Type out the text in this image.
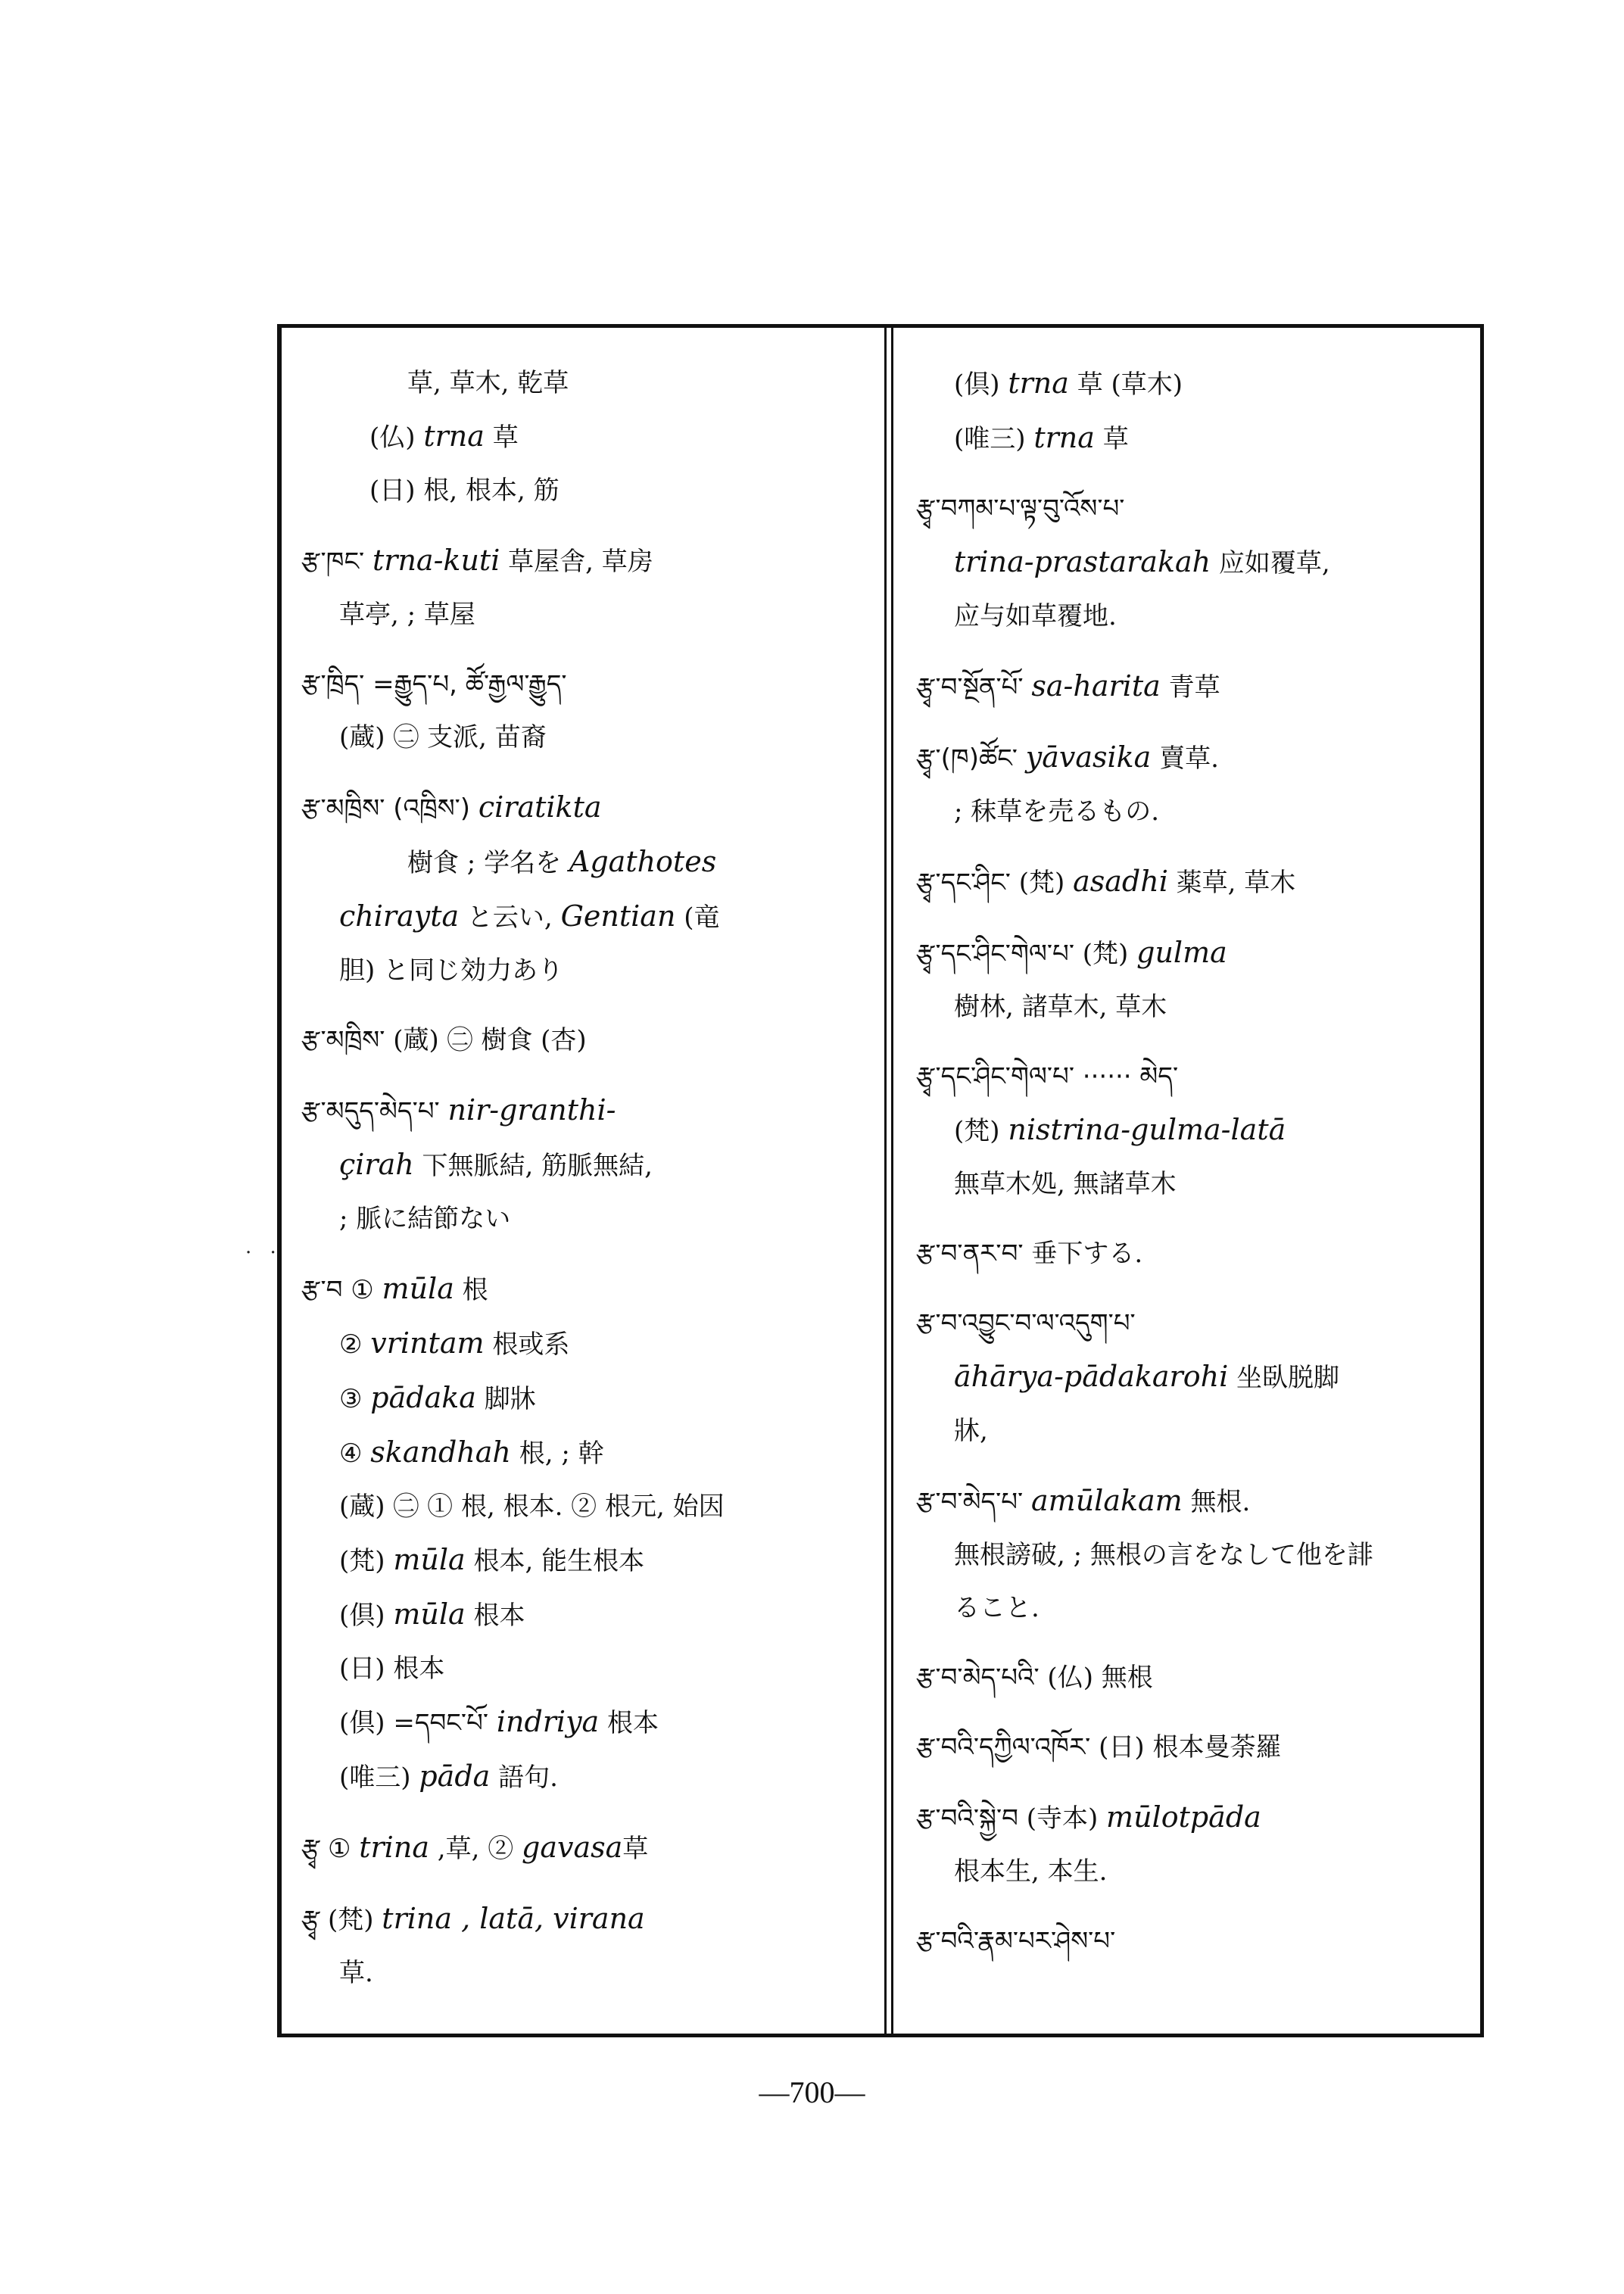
草, 草木, 乾草
(仏) trna 草
(日) 根, 根本, 筋
རྩ་ཁང་ trna-kuti 草屋舎, 草房
草亭, ; 草屋
རྩ་ཁྲིད་ =རྒྱུད་པ, ཚོ་རྒྱལ་རྒྱུད་
(蔵) ㊁ 支派, 苗裔
རྩ་མཁྲིས་ (འཁྲིས་) ciratikta
樹食 ; 学名を Agathotes
chirayta と云い, Gentian (竜
胆) と同じ効力あり
རྩ་མཁྲིས་ (蔵) ㊁ 樹食 (杏)
རྩ་མདུད་མེད་པ་ nir-granthi-
çirah 下無脈結, 筋脈無結,
; 脈に結節ない
རྩ་བ ① mūla 根
② vrintam 根或系
③ pādaka 脚牀
④ skandhah 根, ; 幹
(蔵) ㊁ ① 根, 根本. ② 根元, 始因
(梵) mūla 根本, 能生根本
(倶) mūla 根本
(日) 根本
(倶) =དབང་པོ་ indriya 根本
(唯三) pāda 語句.
རྩྭ ① trina ,草, ② gavasa草
རྩྭ (梵) trina , latā, virana
草.
(倶) trna 草 (草木)
(唯三) trna 草
རྩྭ་བཀམ་པ་ལྟ་བུ་འོས་པ་
trina-prastarakah 应如覆草,
应与如草覆地.
རྩྭ་བ་སྔོན་པོ་ sa-harita 青草
རྩྭ་(ཁ)ཚོང་ yāvasika 賣草.
; 秣草を売るもの.
རྩྭ་དང་ཤིང་ (梵) asadhi 薬草, 草木
རྩྭ་དང་ཤིང་གེལ་པ་ (梵) gulma
樹林, 諸草木, 草木
རྩྭ་དང་ཤིང་གེལ་པ་ ······ མེད་
(梵) nistrina-gulma-latā
無草木処, 無諸草木
རྩ་བ་ནར་བ་ 垂下する.
རྩ་བ་འབྱུང་བ་ལ་འདུག་པ་
āhārya-pādakarohi 坐臥脱脚
牀,
རྩ་བ་མེད་པ་ amūlakam 無根.
無根謗破, ; 無根の言をなして他を誹
ること.
རྩ་བ་མེད་པའི་ (仏) 無根
རྩ་བའི་དཀྱིལ་འཁོར་ (日) 根本曼荼羅
རྩ་བའི་སྐྱེ་བ (寺本) mūlotpāda
根本生, 本生.
རྩ་བའི་རྣམ་པར་ཤེས་པ་
· ·
—700—
